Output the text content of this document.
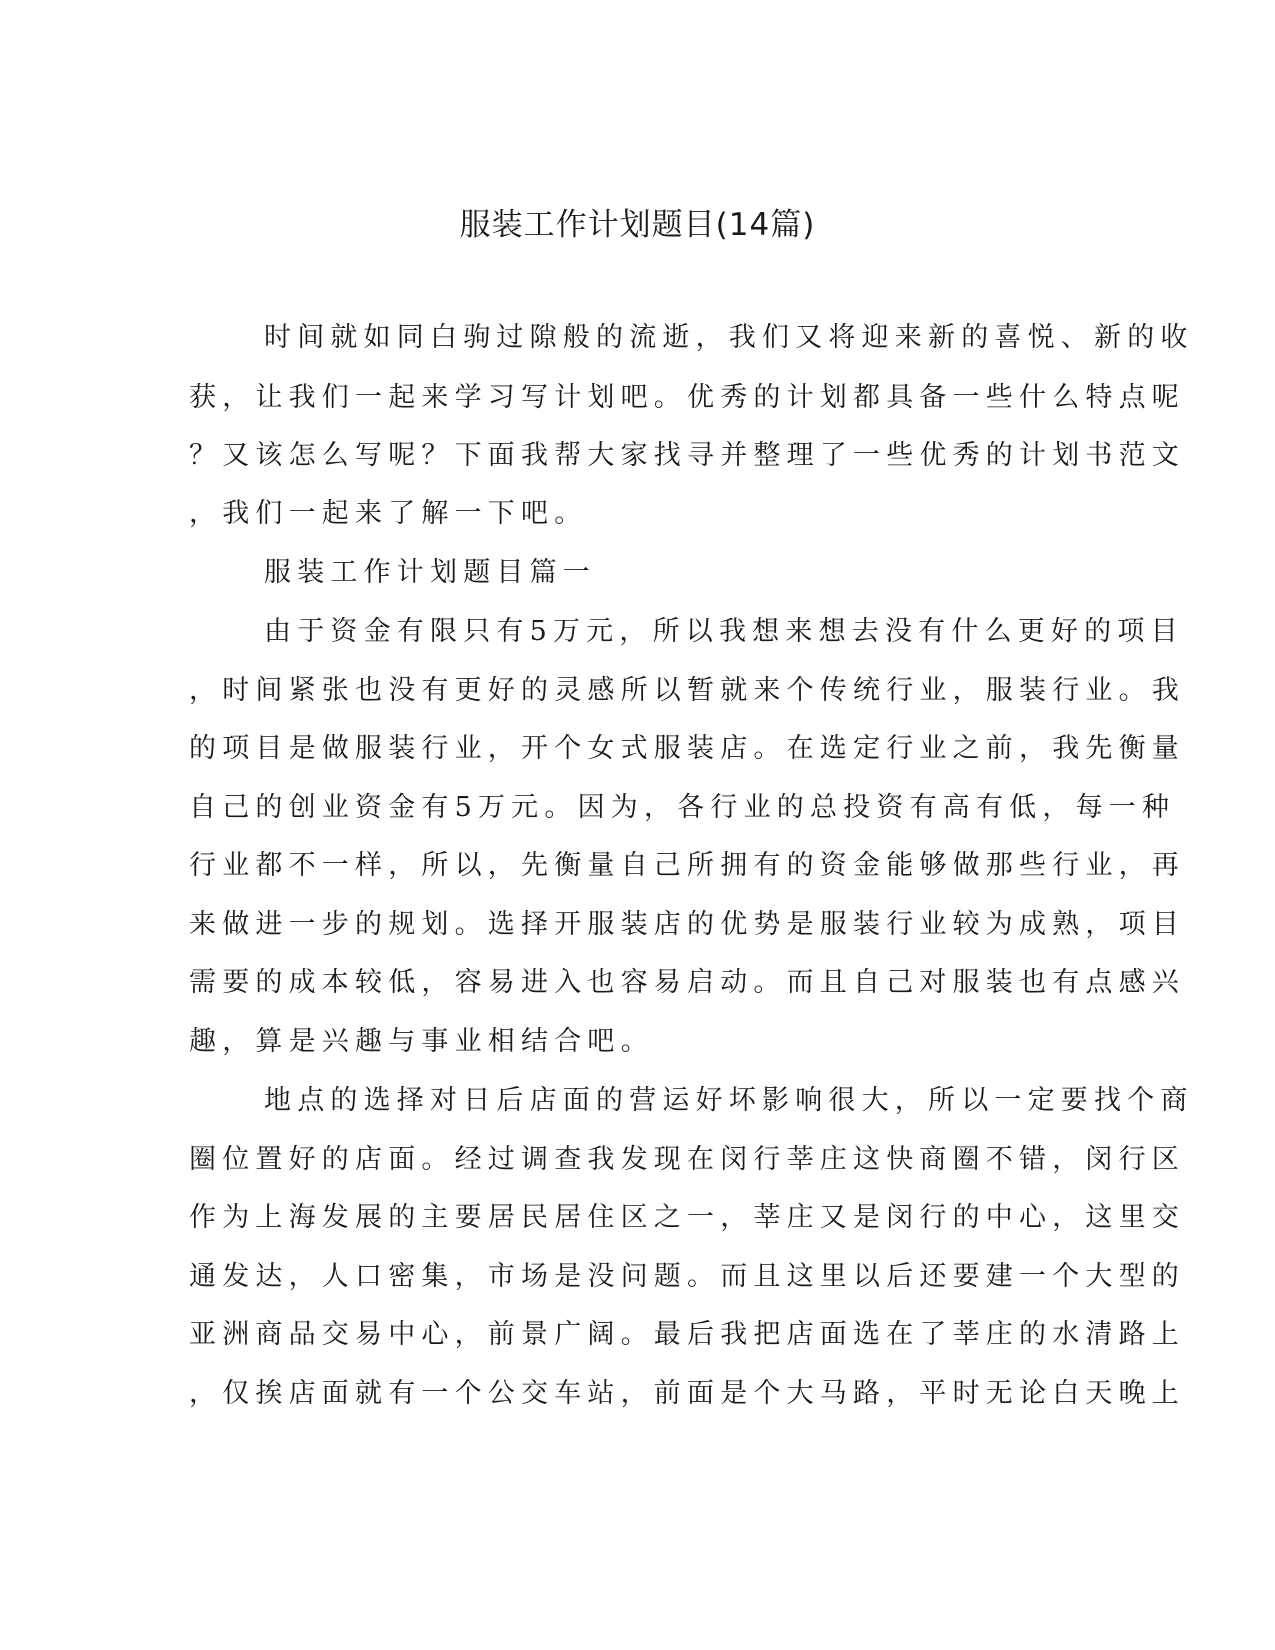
服装工作计划题目(14篇)
时间就如同白驹过隙般的流逝，我们又将迎来新的喜悦、新的收
获，让我们一起来学习写计划吧。优秀的计划都具备一些什么特点呢
？又该怎么写呢？下面我帮大家找寻并整理了一些优秀的计划书范文
，我们一起来了解一下吧。
服装工作计划题目篇一
由于资金有限只有5万元，所以我想来想去没有什么更好的项目
，时间紧张也没有更好的灵感所以暂就来个传统行业，服装行业。我
的项目是做服装行业，开个女式服装店。在选定行业之前，我先衡量
自己的创业资金有5万元。因为，各行业的总投资有高有低，每一种
行业都不一样，所以，先衡量自己所拥有的资金能够做那些行业，再
来做进一步的规划。选择开服装店的优势是服装行业较为成熟，项目
需要的成本较低，容易进入也容易启动。而且自己对服装也有点感兴
趣，算是兴趣与事业相结合吧。
地点的选择对日后店面的营运好坏影响很大，所以一定要找个商
圈位置好的店面。经过调查我发现在闵行莘庄这快商圈不错，闵行区
作为上海发展的主要居民居住区之一，莘庄又是闵行的中心，这里交
通发达，人口密集，市场是没问题。而且这里以后还要建一个大型的
亚洲商品交易中心，前景广阔。最后我把店面选在了莘庄的水清路上
，仅挨店面就有一个公交车站，前面是个大马路，平时无论白天晚上
